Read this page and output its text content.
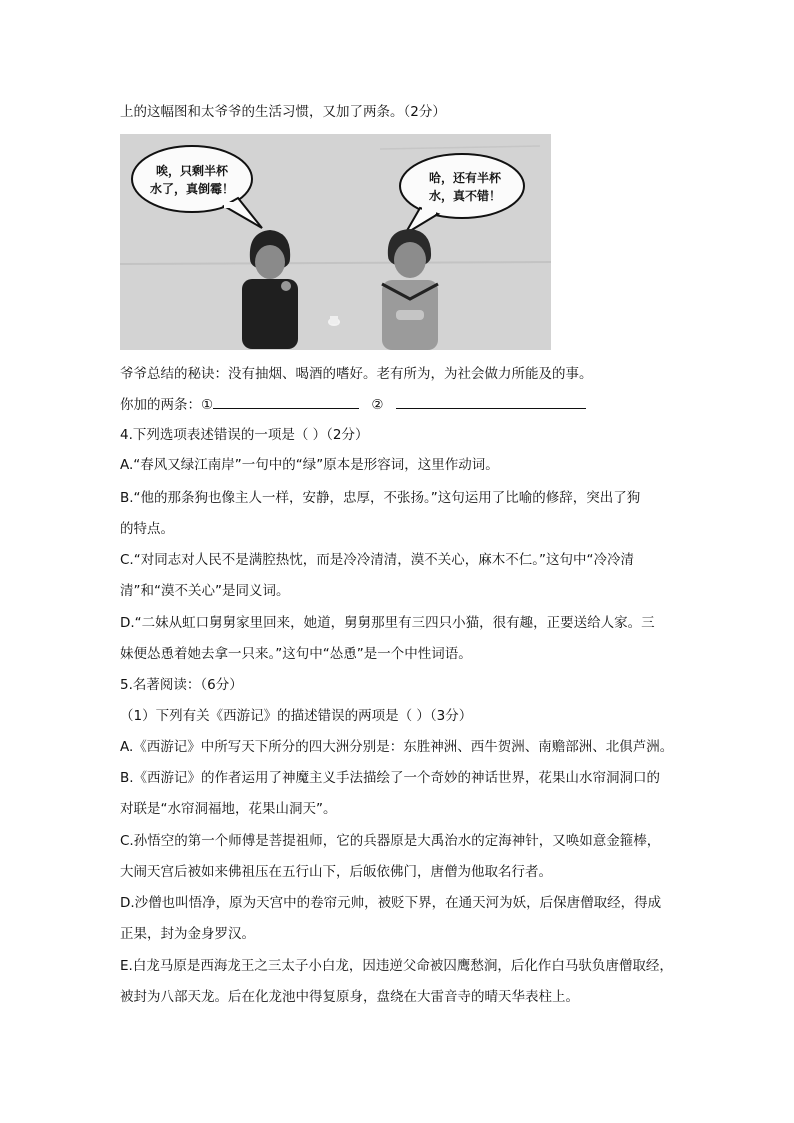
上的这幅图和太爷爷的生活习惯，又加了两条。（2分）
唉，只剩半杯
水了，真倒霉！
哈，还有半杯
水，真不错！
爷爷总结的秘诀：没有抽烟、喝酒的嗜好。老有所为，为社会做力所能及的事。
你加的两条：①	②
4.下列选项表述错误的一项是（ ）（2分）
A.“春风又绿江南岸”一句中的“绿”原本是形容词，这里作动词。
B.“他的那条狗也像主人一样，安静，忠厚，不张扬。”这句运用了比喻的修辞，突出了狗
的特点。
C.“对同志对人民不是满腔热忱，而是冷冷清清，漠不关心，麻木不仁。”这句中“冷冷清
清”和“漠不关心”是同义词。
D.“二妹从虹口舅舅家里回来，她道，舅舅那里有三四只小猫，很有趣，正要送给人家。三
妹便怂恿着她去拿一只来。”这句中“怂恿”是一个中性词语。
5.名著阅读：（6分）
（1）下列有关《西游记》的描述错误的两项是（ ）（3分）
A.《西游记》中所写天下所分的四大洲分别是：东胜神洲、西牛贺洲、南赡部洲、北俱芦洲。
B.《西游记》的作者运用了神魔主义手法描绘了一个奇妙的神话世界，花果山水帘洞洞口的
对联是“水帘洞福地，花果山洞天”。
C.孙悟空的第一个师傅是菩提祖师，它的兵器原是大禹治水的定海神针，又唤如意金箍棒，
大闹天宫后被如来佛祖压在五行山下，后皈依佛门，唐僧为他取名行者。
D.沙僧也叫悟净，原为天宫中的卷帘元帅，被贬下界，在通天河为妖，后保唐僧取经，得成
正果，封为金身罗汉。
E.白龙马原是西海龙王之三太子小白龙，因违逆父命被囚鹰愁涧，后化作白马驮负唐僧取经，
被封为八部天龙。后在化龙池中得复原身，盘绕在大雷音寺的晴天华表柱上。
